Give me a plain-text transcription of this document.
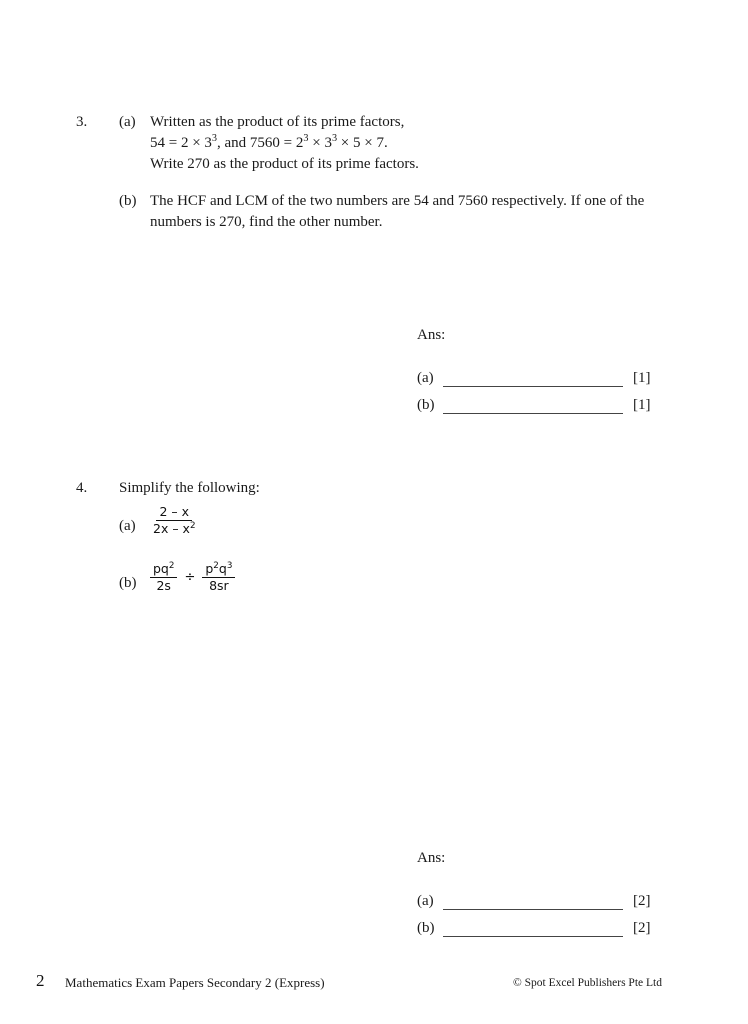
3.	(a) Written as the product of its prime factors,
$54 = 2 \times 3^3$, and $7560 = 2^3 \times 3^3 \times 5 \times 7$.
Write 270 as the product of its prime factors.
(b) The HCF and LCM of the two numbers are 54 and 7560 respectively. If one of the
numbers is 270, find the other number.
Ans:
(a)	[1]
(b)	[1]
4.	Simplify the following:
(a)	$\frac{2 - x}{2x - x^2}$
(b)	$\frac{pq^2}{2s} \div \frac{p^2q^3}{8sr}$
Ans:
(a)	[2]
(b)	[2]
2 Mathematics Exam Papers Secondary 2 (Express)	© Spot Excel Publishers Pte Ltd
